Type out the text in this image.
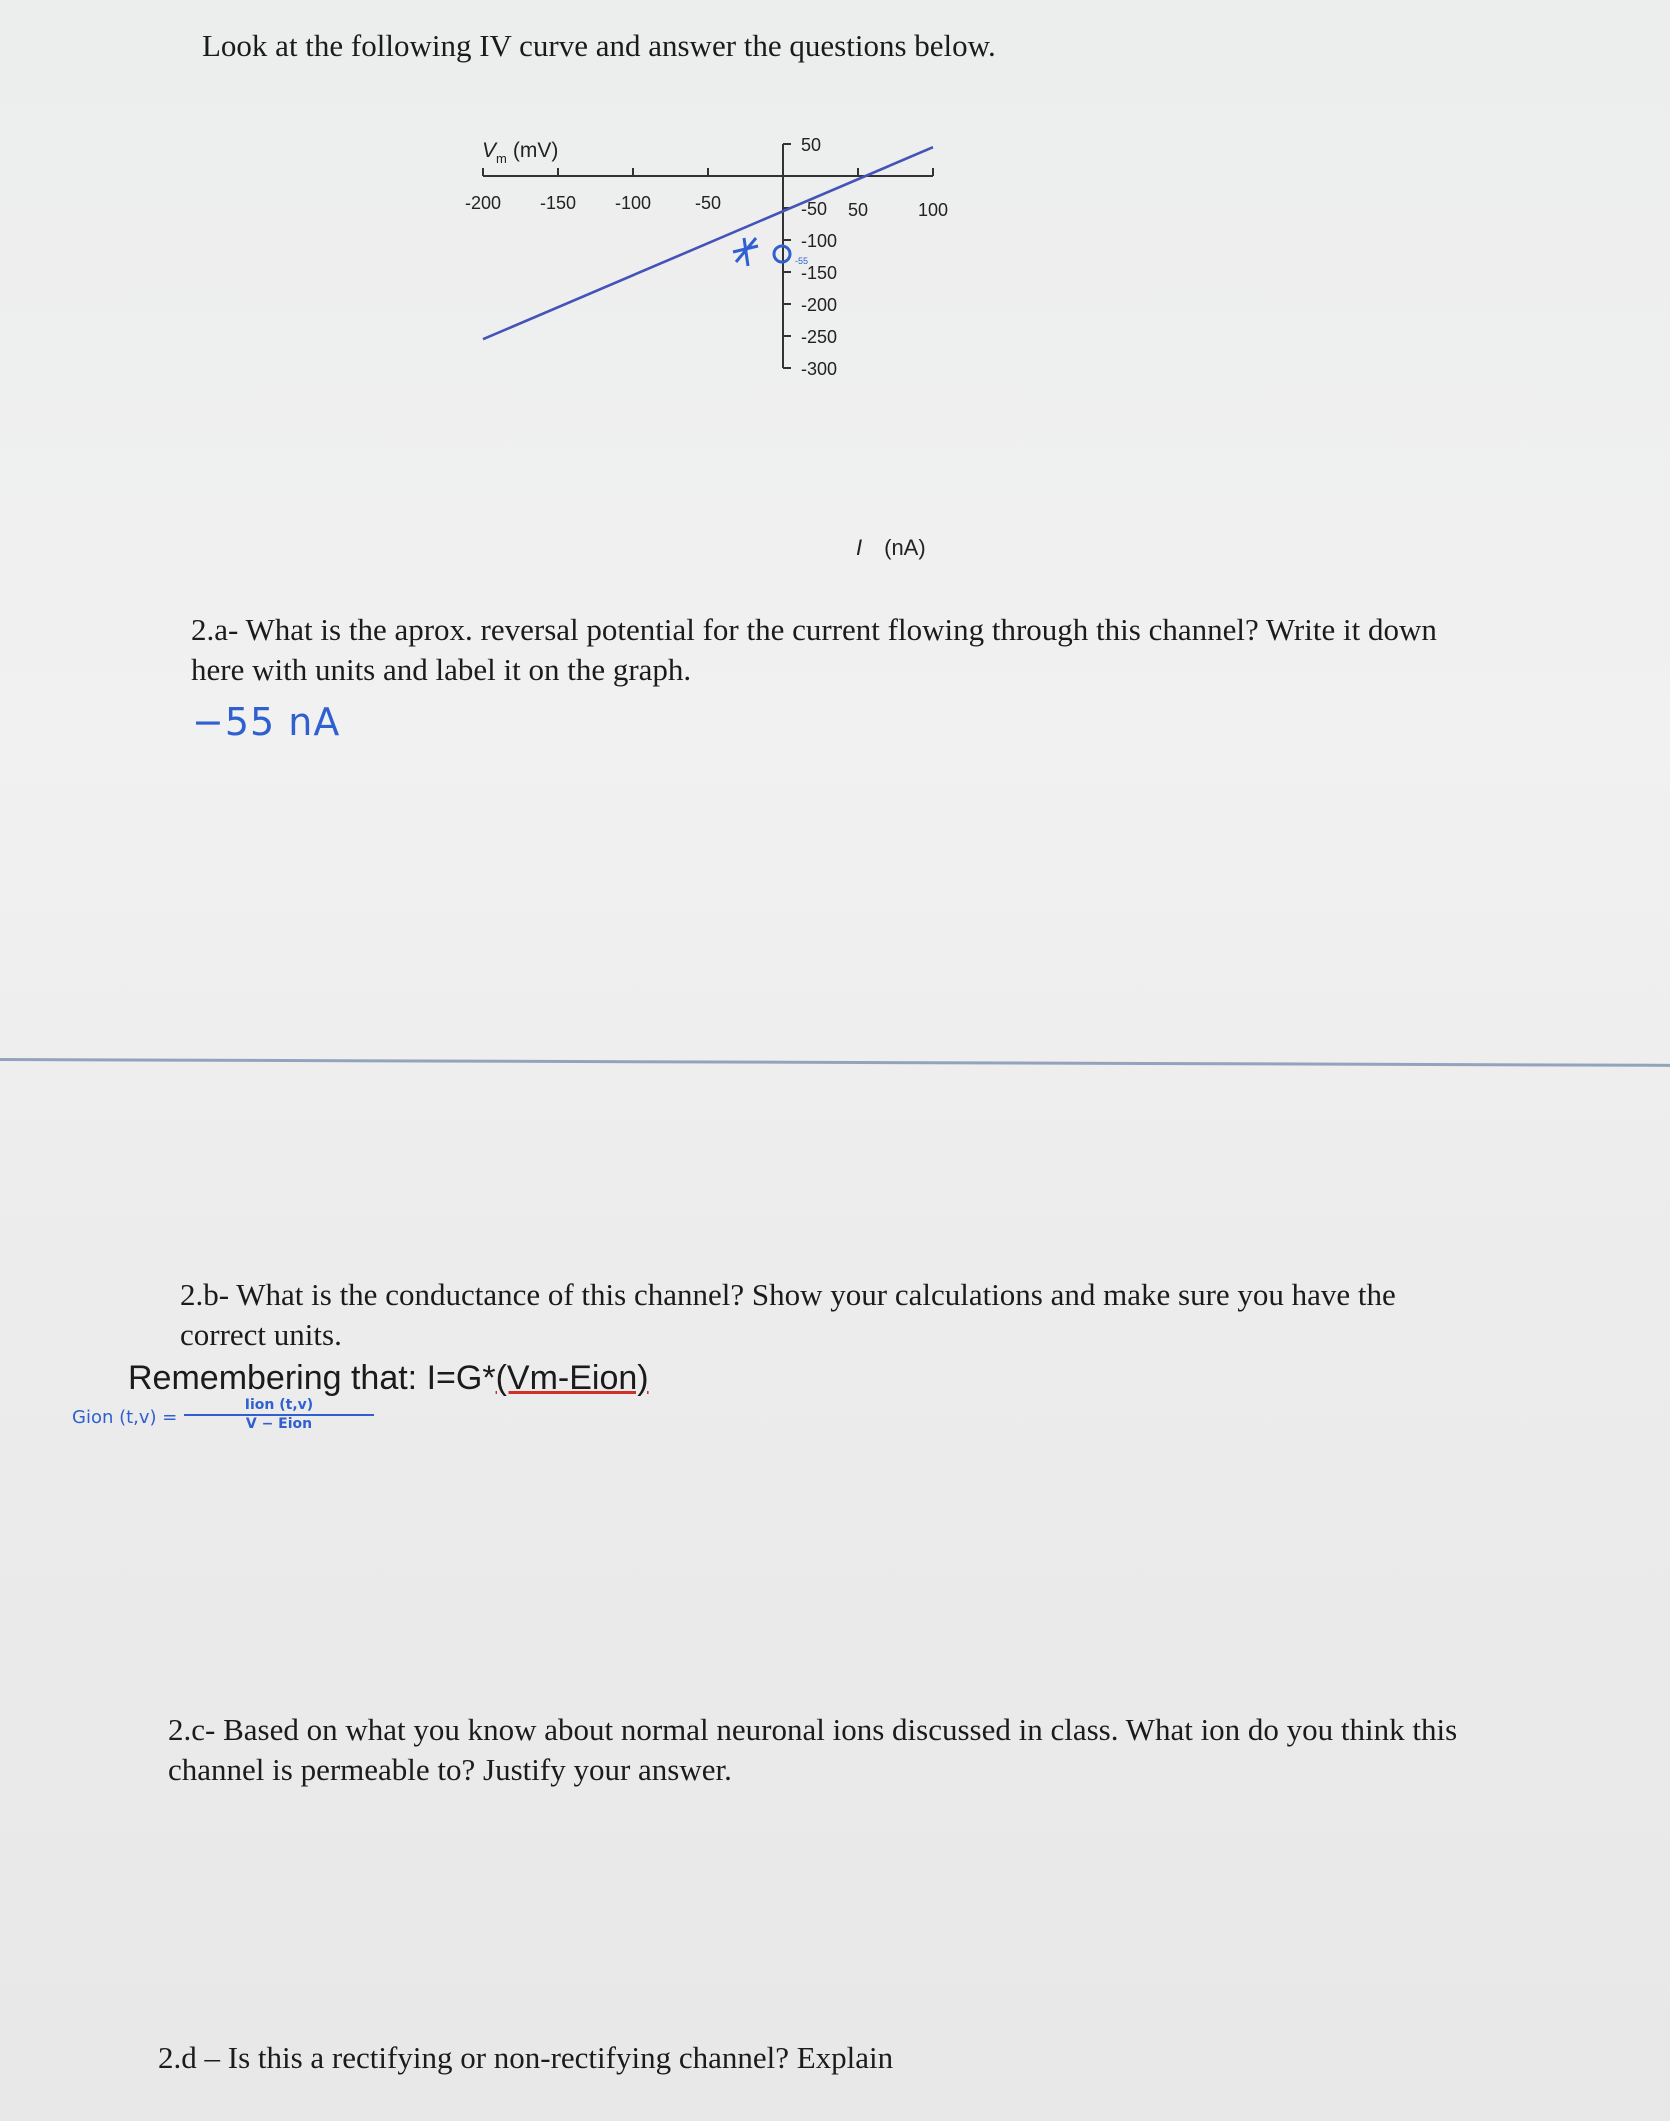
Look at the following IV curve and answer the questions below.

-200 -150 -100 -50	50	100
50
-50
-100
-150
-200
-250
-300
$V_m$ (mV)
I (nA)
-55

2.a- What is the aprox. reversal potential for the current flowing through this channel? Write it down here with units and label it on the graph.

−55 nA

2.b- What is the conductance of this channel? Show your calculations and make sure you have the correct units.

Remembering that: I=G*(Vm-Eion)

Gion (t,v) =
Iion (t,v)
V − Eion

2.c- Based on what you know about normal neuronal ions discussed in class. What ion do you think this channel is permeable to? Justify your answer.

2.d – Is this a rectifying or non-rectifying channel? Explain
